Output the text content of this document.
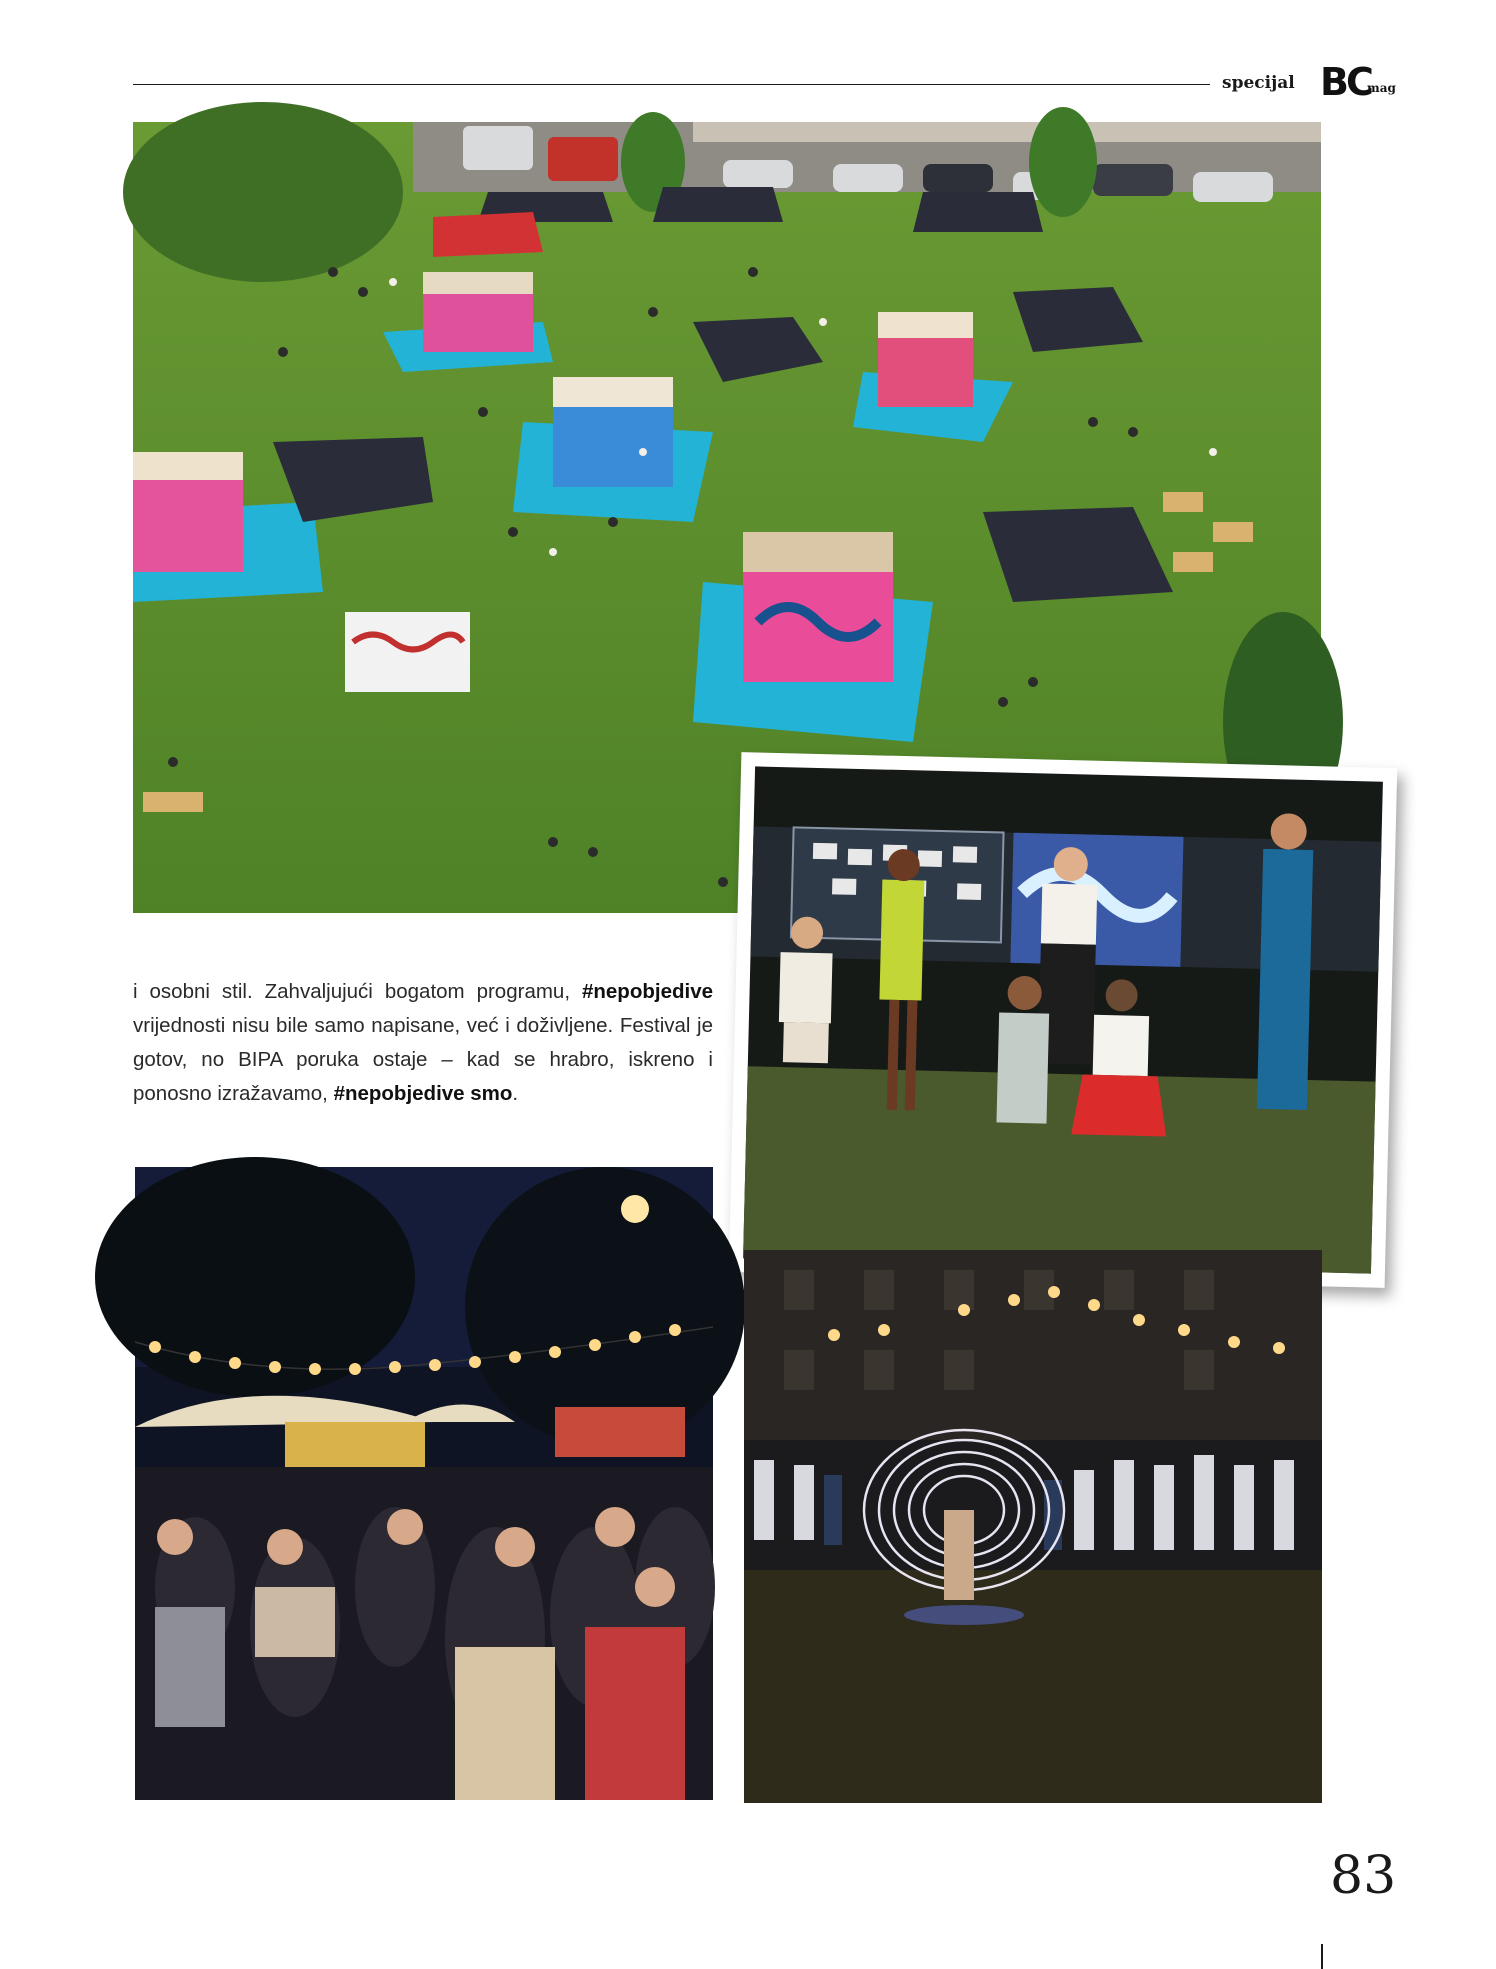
specijal BC
mag
i osobni stil. Zahvaljujući bogatom programu, #nepobjedive vrijednosti nisu bile samo napisane, već i doživljene. Festival je gotov, no BIPA poruka ostaje – kad se hrabro, iskreno i ponosno izražavamo, #nepobjedive smo.
83
